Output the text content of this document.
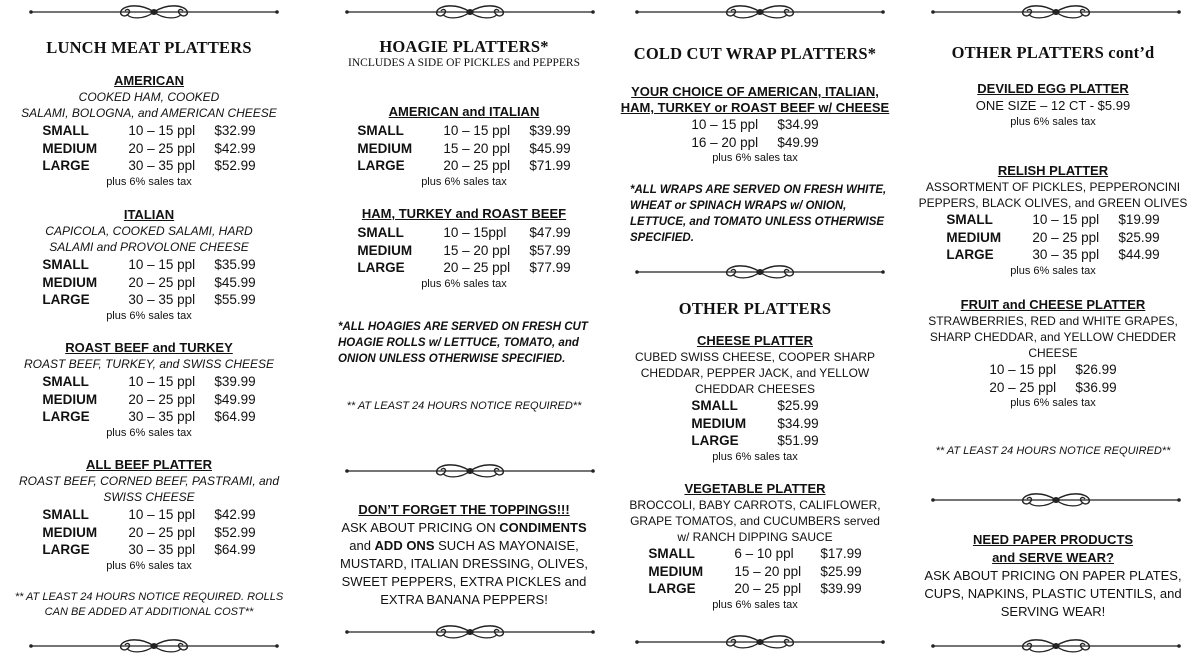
LUNCH MEAT PLATTERS
AMERICAN
COOKED HAM, COOKED
SALAMI, BOLOGNA, and AMERICAN CHEESE
SMALL	10 – 15 ppl	$32.99
MEDIUM	20 – 25 ppl	$42.99
LARGE	30 – 35 ppl	$52.99
plus 6% sales tax
ITALIAN
CAPICOLA, COOKED SALAMI, HARD
SALAMI and PROVOLONE CHEESE
SMALL	10 – 15 ppl	$35.99
MEDIUM	20 – 25 ppl	$45.99
LARGE	30 – 35 ppl	$55.99
plus 6% sales tax
ROAST BEEF and TURKEY
ROAST BEEF, TURKEY, and SWISS CHEESE
SMALL	10 – 15 ppl	$39.99
MEDIUM	20 – 25 ppl	$49.99
LARGE	30 – 35 ppl	$64.99
plus 6% sales tax
ALL BEEF PLATTER
ROAST BEEF, CORNED BEEF, PASTRAMI, and
SWISS CHEESE
SMALL	10 – 15 ppl	$42.99
MEDIUM	20 – 25 ppl	$52.99
LARGE	30 – 35 ppl	$64.99
plus 6% sales tax
** AT LEAST 24 HOURS NOTICE REQUIRED. ROLLS
CAN BE ADDED AT ADDITIONAL COST**
HOAGIE PLATTERS*
INCLUDES A SIDE OF PICKLES and PEPPERS
AMERICAN and ITALIAN
SMALL	10 – 15 ppl	$39.99
MEDIUM	15 – 20 ppl	$45.99
LARGE	20 – 25 ppl	$71.99
plus 6% sales tax
HAM, TURKEY and ROAST BEEF
SMALL	10 – 15ppl	$47.99
MEDIUM	15 – 20 ppl	$57.99
LARGE	20 – 25 ppl	$77.99
plus 6% sales tax
*ALL HOAGIES ARE SERVED ON FRESH CUT
HOAGIE ROLLS w/ LETTUCE, TOMATO, and
ONION UNLESS OTHERWISE SPECIFIED.
** AT LEAST 24 HOURS NOTICE REQUIRED**
DON’T FORGET THE TOPPINGS!!!
ASK ABOUT PRICING ON CONDIMENTS
and ADD ONS SUCH AS MAYONAISE,
MUSTARD, ITALIAN DRESSING, OLIVES,
SWEET PEPPERS, EXTRA PICKLES and
EXTRA BANANA PEPPERS!
COLD CUT WRAP PLATTERS*
YOUR CHOICE OF AMERICAN, ITALIAN,
HAM, TURKEY or ROAST BEEF w/ CHEESE
10 – 15 ppl	$34.99
16 – 20 ppl	$49.99
plus 6% sales tax
*ALL WRAPS ARE SERVED ON FRESH WHITE,
WHEAT or SPINACH WRAPS w/ ONION,
LETTUCE, and TOMATO UNLESS OTHERWISE
SPECIFIED.
OTHER PLATTERS
CHEESE PLATTER
CUBED SWISS CHEESE, COOPER SHARP
CHEDDAR, PEPPER JACK, and YELLOW
CHEDDAR CHEESES
SMALL	$25.99
MEDIUM	$34.99
LARGE	$51.99
plus 6% sales tax
VEGETABLE PLATTER
BROCCOLI, BABY CARROTS, CALIFLOWER,
GRAPE TOMATOS, and CUCUMBERS served
w/ RANCH DIPPING SAUCE
SMALL	6 – 10 ppl	$17.99
MEDIUM	15 – 20 ppl	$25.99
LARGE	20 – 25 ppl	$39.99
plus 6% sales tax
OTHER PLATTERS cont’d
DEVILED EGG PLATTER
ONE SIZE – 12 CT - $5.99
plus 6% sales tax
RELISH PLATTER
ASSORTMENT OF PICKLES, PEPPERONCINI
PEPPERS, BLACK OLIVES, and GREEN OLIVES
SMALL	10 – 15 ppl	$19.99
MEDIUM	20 – 25 ppl	$25.99
LARGE	30 – 35 ppl	$44.99
plus 6% sales tax
FRUIT and CHEESE PLATTER
STRAWBERRIES, RED and WHITE GRAPES,
SHARP CHEDDAR, and YELLOW CHEDDER
CHEESE
10 – 15 ppl	$26.99
20 – 25 ppl	$36.99
plus 6% sales tax
** AT LEAST 24 HOURS NOTICE REQUIRED**
NEED PAPER PRODUCTS
and SERVE WEAR?
ASK ABOUT PRICING ON PAPER PLATES,
CUPS, NAPKINS, PLASTIC UTENTILS, and
SERVING WEAR!
